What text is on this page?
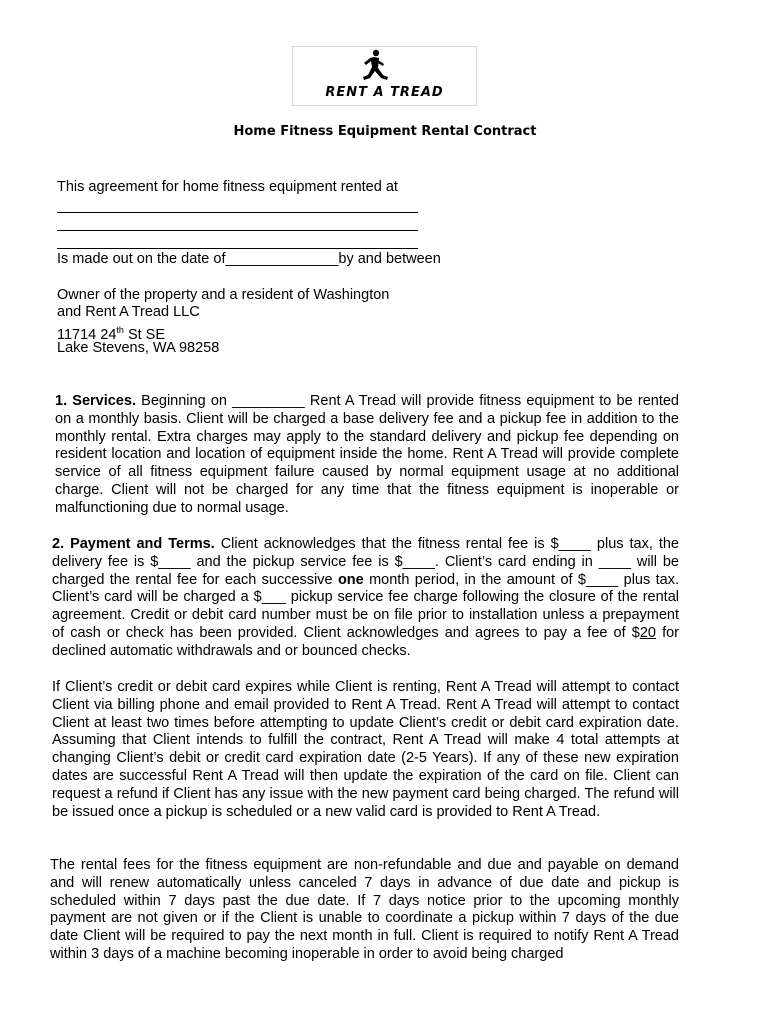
RENT A TREAD
Home Fitness Equipment Rental Contract
This agreement for home fitness equipment rented at
Is made out on the date of______________by and between
Owner of the property and a resident of Washington
and Rent A Tread LLC
11714 24th St SE
Lake Stevens, WA 98258

1. Services. Beginning on _________ Rent A Tread will provide fitness equipment to be rented on a monthly basis. Client will be charged a base delivery fee and a pickup fee in addition to the monthly rental. Extra charges may apply to the standard delivery and pickup fee depending on resident location and location of equipment inside the home. Rent A Tread will provide complete service of all fitness equipment failure caused by normal equipment usage at no additional charge. Client will not be charged for any time that the fitness equipment is inoperable or malfunctioning due to normal usage.

2. Payment and Terms. Client acknowledges that the fitness rental fee is $____ plus tax, the delivery fee is $____ and the pickup service fee is $____. Client’s card ending in ____ will be charged the rental fee for each successive one month period, in the amount of $____ plus tax. Client’s card will be charged a $___ pickup service fee charge following the closure of the rental agreement. Credit or debit card number must be on file prior to installation unless a prepayment of cash or check has been provided. Client acknowledges and agrees to pay a fee of $20 for declined automatic withdrawals and or bounced checks.

If Client’s credit or debit card expires while Client is renting, Rent A Tread will attempt to contact Client via billing phone and email provided to Rent A Tread. Rent A Tread will attempt to contact Client at least two times before attempting to update Client’s credit or debit card expiration date. Assuming that Client intends to fulfill the contract, Rent A Tread will make 4 total attempts at changing Client’s debit or credit card expiration date (2-5 Years). If any of these new expiration dates are successful Rent A Tread will then update the expiration of the card on file. Client can request a refund if Client has any issue with the new payment card being charged. The refund will be issued once a pickup is scheduled or a new valid card is provided to Rent A Tread.

The rental fees for the fitness equipment are non-refundable and due and payable on demand and will renew automatically unless canceled 7 days in advance of due date and pickup is scheduled within 7 days past the due date. If 7 days notice prior to the upcoming monthly payment are not given or if the Client is unable to coordinate a pickup within 7 days of the due date Client will be required to pay the next month in full. Client is required to notify Rent A Tread within 3 days of a machine becoming inoperable in order to avoid being charged
